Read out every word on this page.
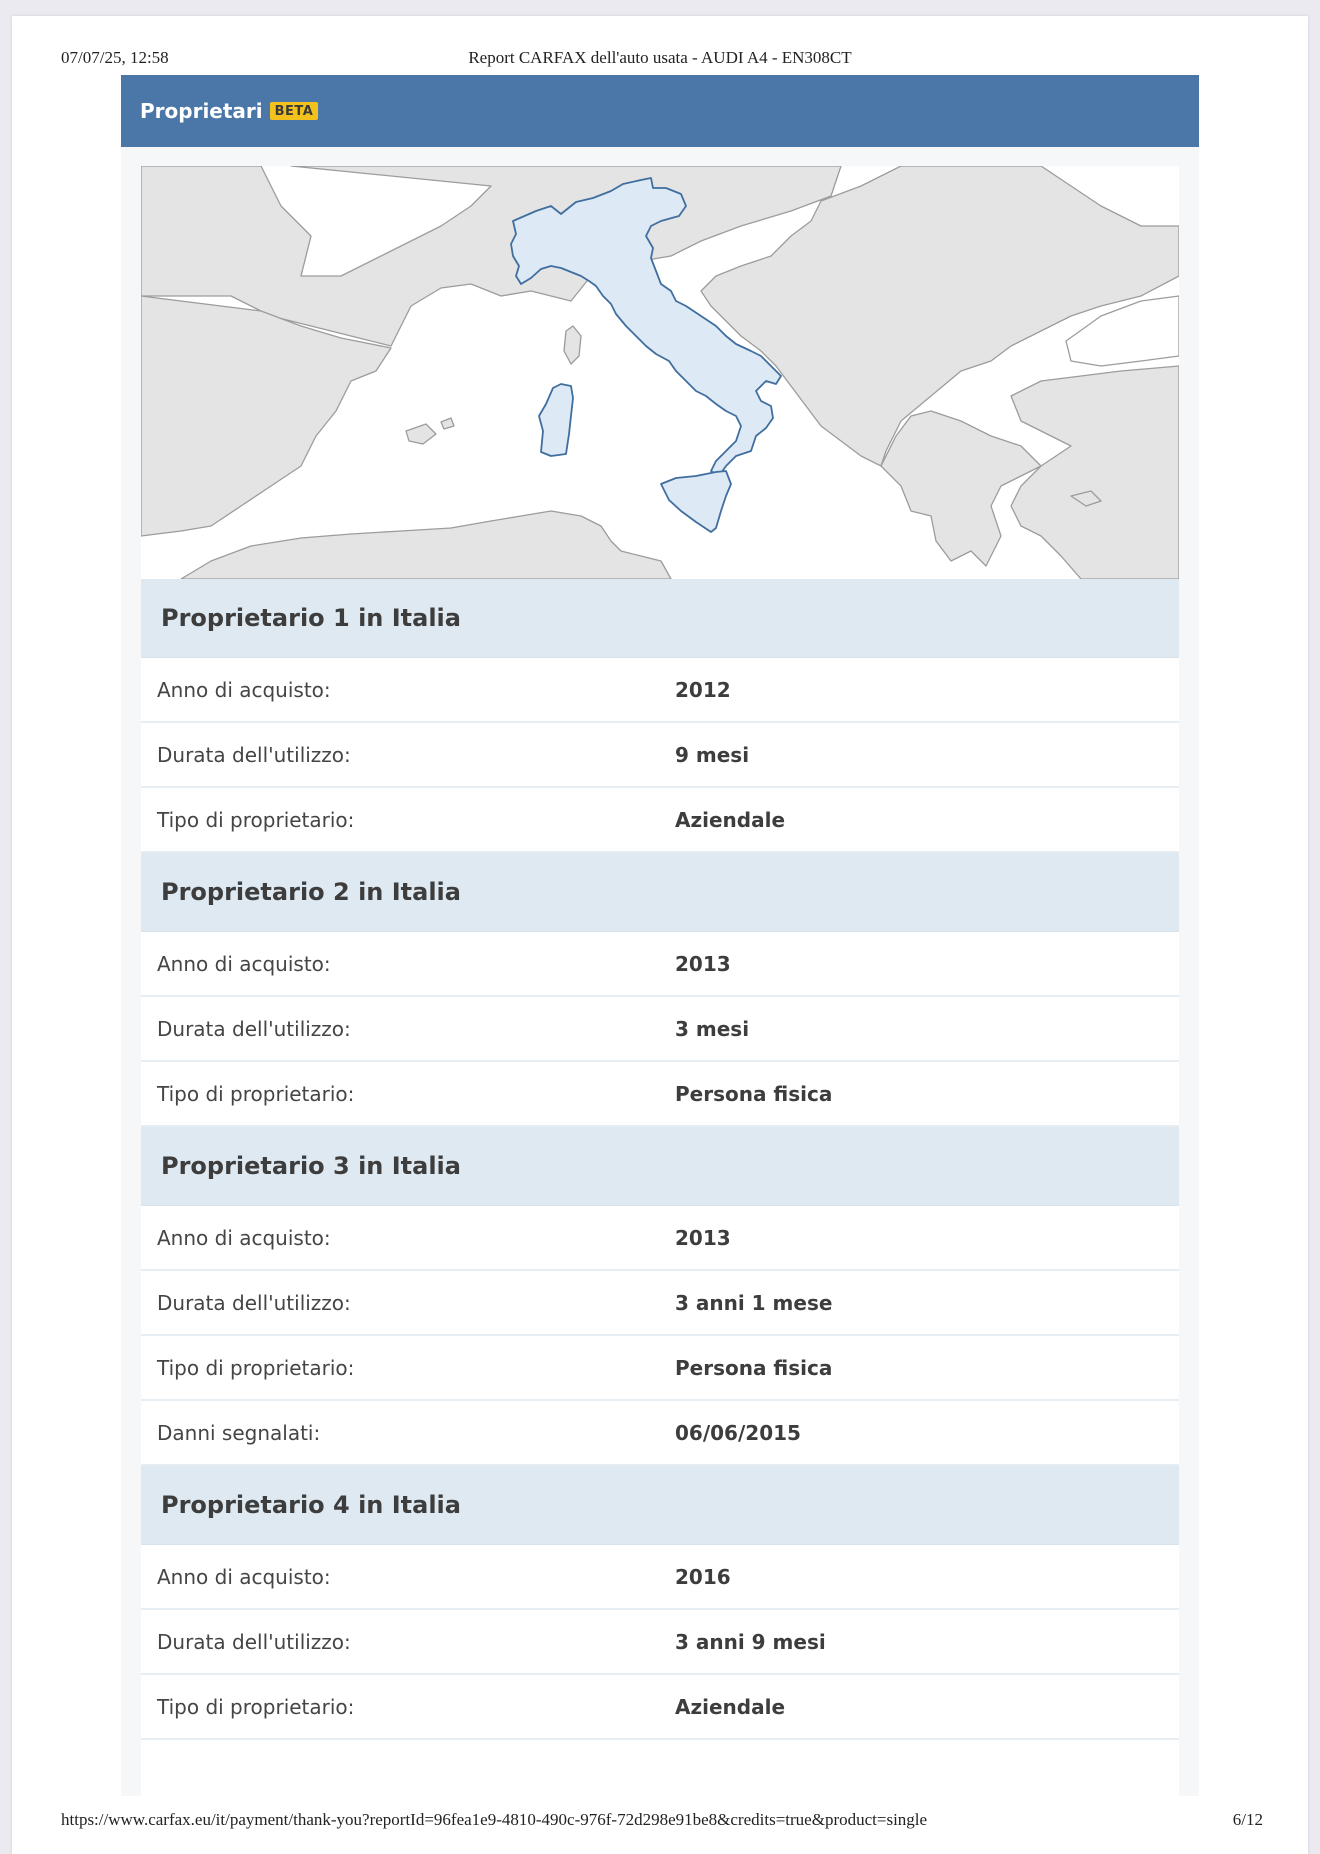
07/07/25, 12:58	Report CARFAX dell'auto usata - AUDI A4 - EN308CT
Proprietari BETA
Proprietario 1 in Italia
Anno di acquisto:	2012
Durata dell'utilizzo:	9 mesi
Tipo di proprietario:	Aziendale
Proprietario 2 in Italia
Anno di acquisto:	2013
Durata dell'utilizzo:	3 mesi
Tipo di proprietario:	Persona fisica
Proprietario 3 in Italia
Anno di acquisto:	2013
Durata dell'utilizzo:	3 anni 1 mese
Tipo di proprietario:	Persona fisica
Danni segnalati:	06/06/2015
Proprietario 4 in Italia
Anno di acquisto:	2016
Durata dell'utilizzo:	3 anni 9 mesi
Tipo di proprietario:	Aziendale
https://www.carfax.eu/it/payment/thank-you?reportId=96fea1e9-4810-490c-976f-72d298e91be8&credits=true&product=single	6/12
